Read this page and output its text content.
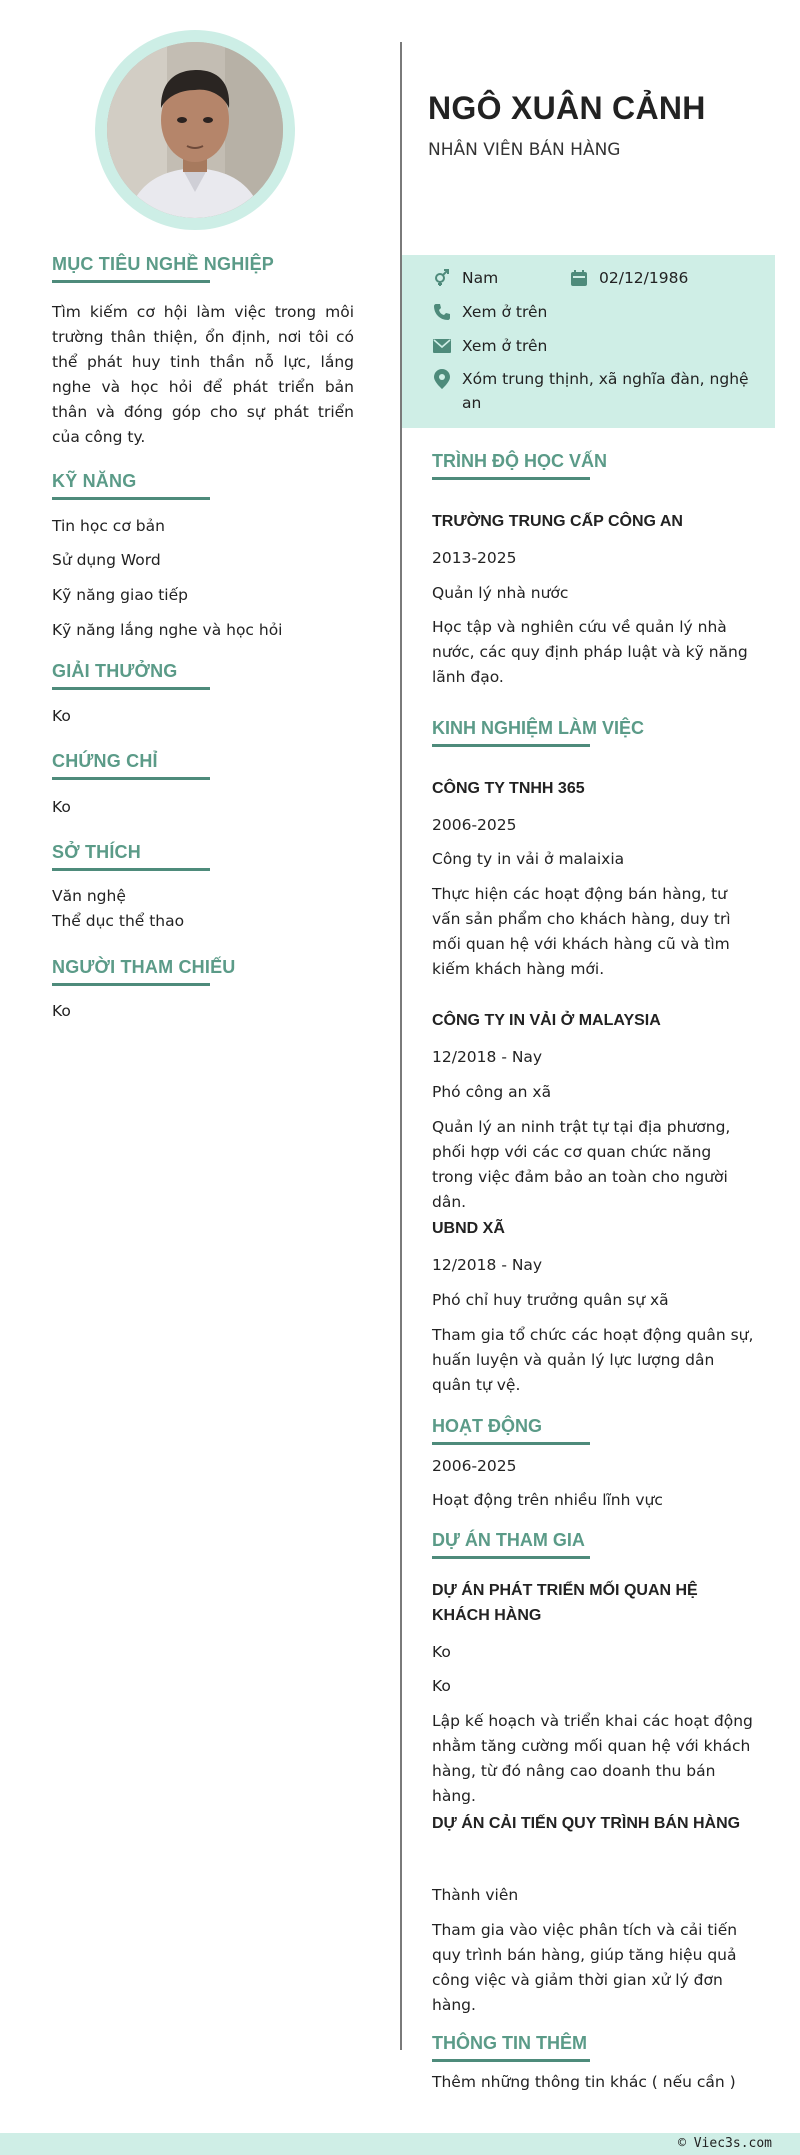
MỤC TIÊU NGHỀ NGHIỆP
Tìm kiếm cơ hội làm việc trong môi trường thân thiện, ổn định, nơi tôi có thể phát huy tinh thần nỗ lực, lắng nghe và học hỏi để phát triển bản thân và đóng góp cho sự phát triển của công ty.
KỸ NĂNG
Tin học cơ bản
Sử dụng Word
Kỹ năng giao tiếp
Kỹ năng lắng nghe và học hỏi
GIẢI THƯỞNG
Ko
CHỨNG CHỈ
Ko
SỞ THÍCH
Văn nghệ
Thể dục thể thao
NGƯỜI THAM CHIẾU
Ko
NGÔ XUÂN CẢNH
NHÂN VIÊN BÁN HÀNG
Nam	02/12/1986
Xem ở trên
Xem ở trên
Xóm trung thịnh, xã nghĩa đàn, nghệ an
TRÌNH ĐỘ HỌC VẤN
TRƯỜNG TRUNG CẤP CÔNG AN
2013-2025
Quản lý nhà nước
Học tập và nghiên cứu về quản lý nhà nước, các quy định pháp luật và kỹ năng lãnh đạo.
KINH NGHIỆM LÀM VIỆC
CÔNG TY TNHH 365
2006-2025
Công ty in vải ở malaixia
Thực hiện các hoạt động bán hàng, tư vấn sản phẩm cho khách hàng, duy trì mối quan hệ với khách hàng cũ và tìm kiếm khách hàng mới.
CÔNG TY IN VẢI Ở MALAYSIA
12/2018 - Nay
Phó công an xã
Quản lý an ninh trật tự tại địa phương, phối hợp với các cơ quan chức năng trong việc đảm bảo an toàn cho người dân.
UBND XÃ
12/2018 - Nay
Phó chỉ huy trưởng quân sự xã
Tham gia tổ chức các hoạt động quân sự, huấn luyện và quản lý lực lượng dân quân tự vệ.
HOẠT ĐỘNG
2006-2025
Hoạt động trên nhiều lĩnh vực
DỰ ÁN THAM GIA
DỰ ÁN PHÁT TRIỂN MỐI QUAN HỆ KHÁCH HÀNG
Ko
Ko
Lập kế hoạch và triển khai các hoạt động nhằm tăng cường mối quan hệ với khách hàng, từ đó nâng cao doanh thu bán hàng.
DỰ ÁN CẢI TIẾN QUY TRÌNH BÁN HÀNG
Thành viên
Tham gia vào việc phân tích và cải tiến quy trình bán hàng, giúp tăng hiệu quả công việc và giảm thời gian xử lý đơn hàng.
THÔNG TIN THÊM
Thêm những thông tin khác ( nếu cần )
© Viec3s.com
